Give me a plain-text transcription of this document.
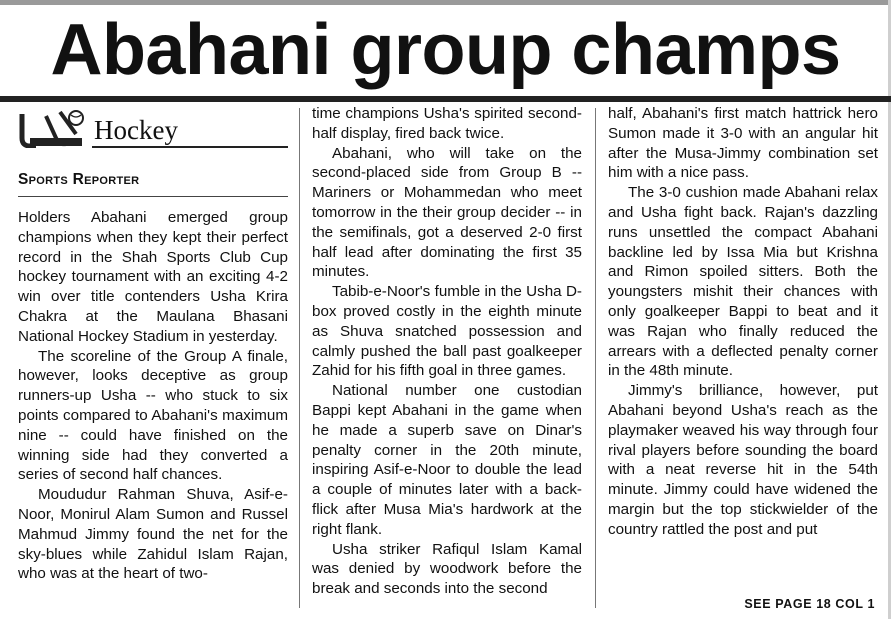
Abahani group champs
Hockey
Sports Reporter

Holders Abahani emerged group champions when they kept their perfect record in the Shah Sports Club Cup hockey tournament with an exciting 4-2 win over title contenders Usha Krira Chakra at the Maulana Bhasani National Hockey Stadium in yesterday.

The scoreline of the Group A finale, however, looks deceptive as group runners-up Usha -- who stuck to six points compared to Abahani's maximum nine -- could have finished on the winning side had they converted a series of second half chances.

Moududur Rahman Shuva, Asif-e-Noor, Monirul Alam Sumon and Russel Mahmud Jimmy found the net for the sky-blues while Zahidul Islam Rajan, who was at the heart of two-

time champions Usha's spirited second-half display, fired back twice.

Abahani, who will take on the second-placed side from Group B -- Mariners or Mohammedan who meet tomorrow in the their group decider -- in the semifinals, got a deserved 2-0 first half lead after dominating the first 35 minutes.

Tabib-e-Noor's fumble in the Usha D-box proved costly in the eighth minute as Shuva snatched possession and calmly pushed the ball past goalkeeper Zahid for his fifth goal in three games.

National number one custodian Bappi kept Abahani in the game when he made a superb save on Dinar's penalty corner in the 20th minute, inspiring Asif-e-Noor to double the lead a couple of minutes later with a back-flick after Musa Mia's hardwork at the right flank.

Usha striker Rafiqul Islam Kamal was denied by woodwork before the break and seconds into the second

half, Abahani's first match hattrick hero Sumon made it 3-0 with an angular hit after the Musa-Jimmy combination set him with a nice pass.

The 3-0 cushion made Abahani relax and Usha fight back. Rajan's dazzling runs unsettled the compact Abahani backline led by Issa Mia but Krishna and Rimon spoiled sitters. Both the youngsters mishit their chances with only goalkeeper Bappi to beat and it was Rajan who finally reduced the arrears with a deflected penalty corner in the 48th minute.

Jimmy's brilliance, however, put Abahani beyond Usha's reach as the playmaker weaved his way through four rival players before sounding the board with a neat reverse hit in the 54th minute. Jimmy could have widened the margin but the top stickwielder of the country rattled the post and put

SEE PAGE 18 COL 1
